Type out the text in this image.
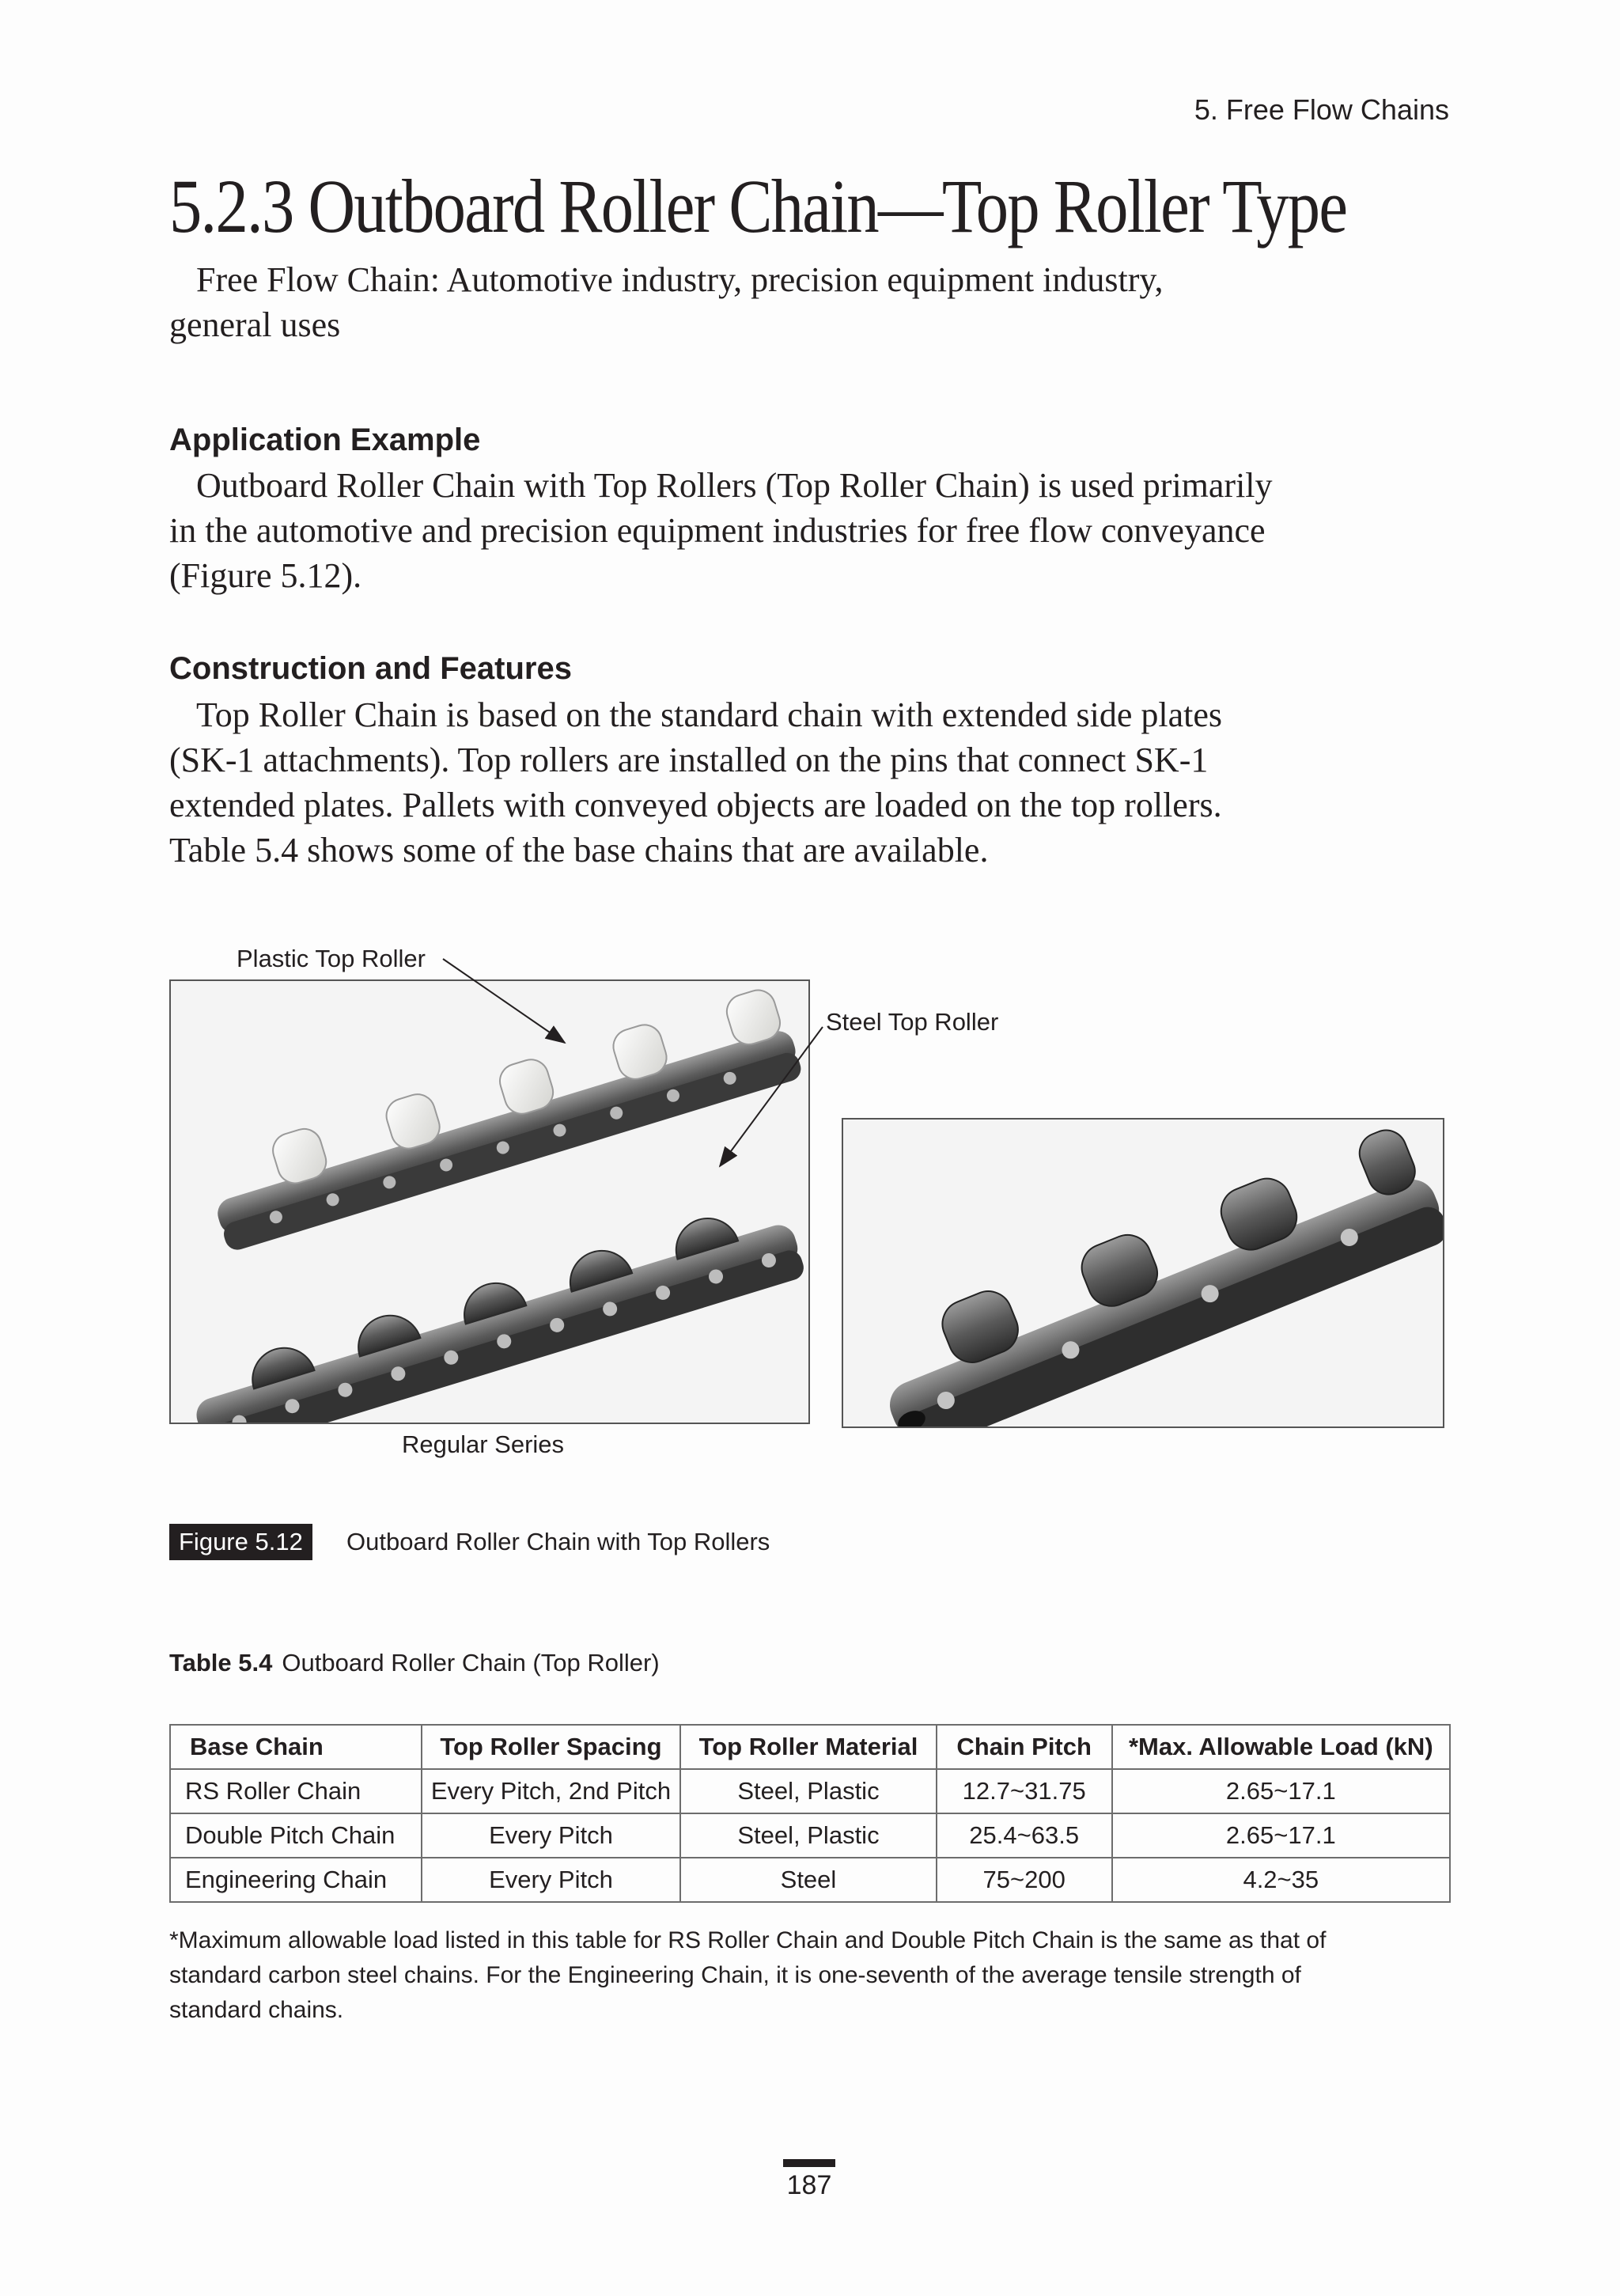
5. Free Flow Chains
5.2.3 Outboard Roller Chain—Top Roller Type
Free Flow Chain: Automotive industry, precision equipment industry,
general uses
Application Example
Outboard Roller Chain with Top Rollers (Top Roller Chain) is used primarily
in the automotive and precision equipment industries for free flow conveyance
(Figure 5.12).
Construction and Features
Top Roller Chain is based on the standard chain with extended side plates
(SK-1 attachments). Top rollers are installed on the pins that connect SK-1
extended plates. Pallets with conveyed objects are loaded on the top rollers.
Table 5.4 shows some of the base chains that are available.
Plastic Top Roller
Steel Top Roller
Regular Series
Figure 5.12	Outboard Roller Chain with Top Rollers
Table 5.4 Outboard Roller Chain (Top Roller)
Base Chain	Top Roller Spacing	Top Roller Material	Chain Pitch	*Max. Allowable Load (kN)
RS Roller Chain	Every Pitch, 2nd Pitch	Steel, Plastic	12.7~31.75	2.65~17.1
Double Pitch Chain	Every Pitch	Steel, Plastic	25.4~63.5	2.65~17.1
Engineering Chain	Every Pitch	Steel	75~200	4.2~35
*Maximum allowable load listed in this table for RS Roller Chain and Double Pitch Chain is the same as that of
standard carbon steel chains. For the Engineering Chain, it is one-seventh of the average tensile strength of
standard chains.
187
